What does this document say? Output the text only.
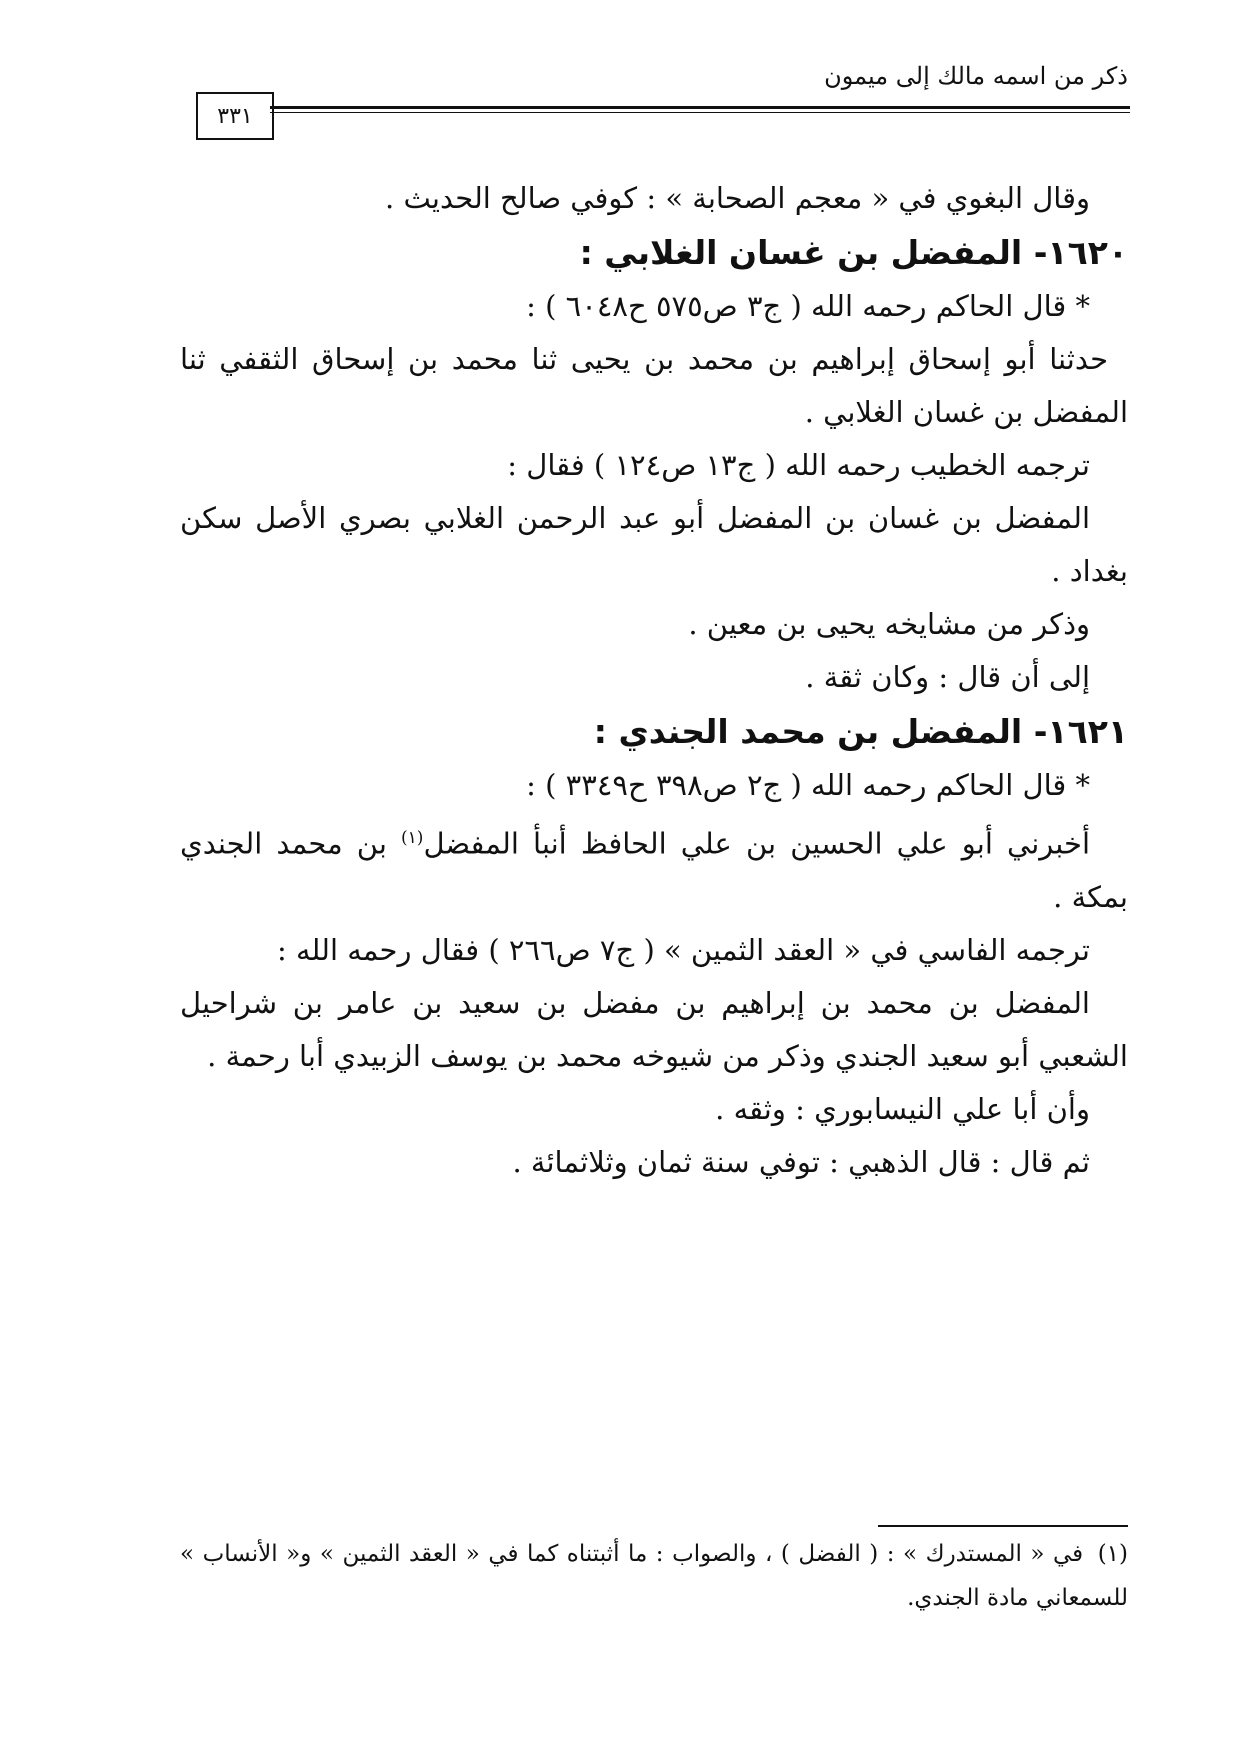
ذكر من اسمه مالك إلى ميمون
٣٣١

وقال البغوي في « معجم الصحابة » : كوفي صالح الحديث .

١٦٢٠- المفضل بن غسان الغلابي :

* قال الحاكم رحمه الله ( ج٣ ص٥٧٥ ح٦٠٤٨ ) :

حدثنا أبو إسحاق إبراهيم بن محمد بن يحيى ثنا محمد بن إسحاق الثقفي ثنا المفضل بن غسان الغلابي .

ترجمه الخطيب رحمه الله ( ج١٣ ص١٢٤ ) فقال :

المفضل بن غسان بن المفضل أبو عبد الرحمن الغلابي بصري الأصل سكن بغداد .

وذكر من مشايخه يحيى بن معين .

إلى أن قال : وكان ثقة .

١٦٢١- المفضل بن محمد الجندي :

* قال الحاكم رحمه الله ( ج٢ ص٣٩٨ ح٣٣٤٩ ) :

أخبرني أبو علي الحسين بن علي الحافظ أنبأ المفضل$^{(١)}$ بن محمد الجندي بمكة .

ترجمه الفاسي في « العقد الثمين » ( ج٧ ص٢٦٦ ) فقال رحمه الله :

المفضل بن محمد بن إبراهيم بن مفضل بن سعيد بن عامر بن شراحيل الشعبي أبو سعيد الجندي وذكر من شيوخه محمد بن يوسف الزبيدي أبا رحمة .

وأن أبا علي النيسابوري : وثقه .

ثم قال : قال الذهبي : توفي سنة ثمان وثلاثمائة .

(١) في « المستدرك » : ( الفضل ) ، والصواب : ما أثبتناه كما في « العقد الثمين » و« الأنساب » للسمعاني مادة الجندي.
